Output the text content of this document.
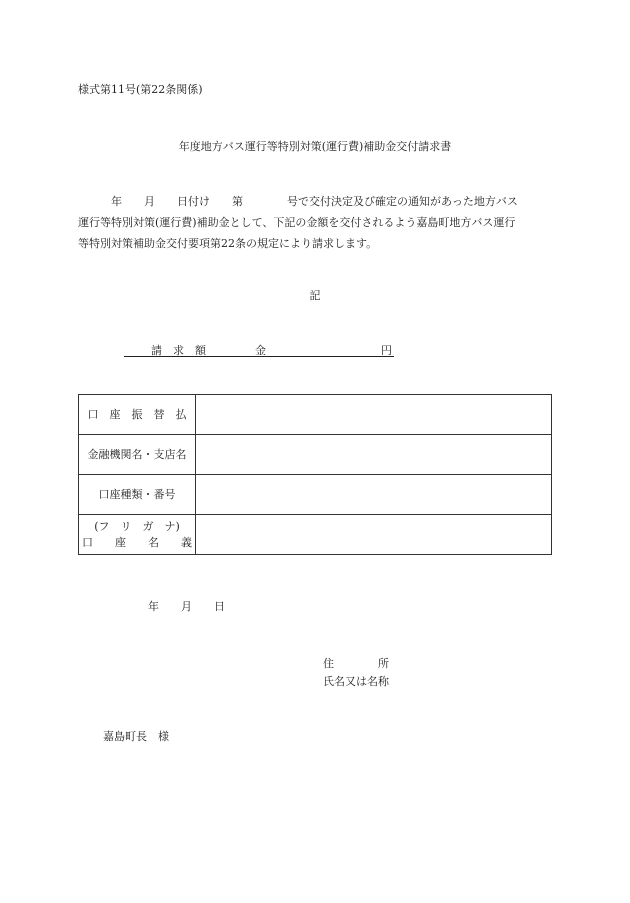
様式第11号(第22条関係)
年度地方バス運行等特別対策(運行費)補助金交付請求書
　　　年　　月　　日付け　　第　　　　号で交付決定及び確定の通知があった地方バス
運行等特別対策(運行費)補助金として、下記の金額を交付されるよう嘉島町地方バス運行
等特別対策補助金交付要項第22条の規定により請求します。
記
請　求　額	金	円
口　座　振　替　払	
金融機関名・支店名	
口座種類・番号	

(フ　リ　ガ　ナ)
口　　座　　名　　義	

年　　月　　日
住　　　　所
氏名又は名称
嘉島町長　様
